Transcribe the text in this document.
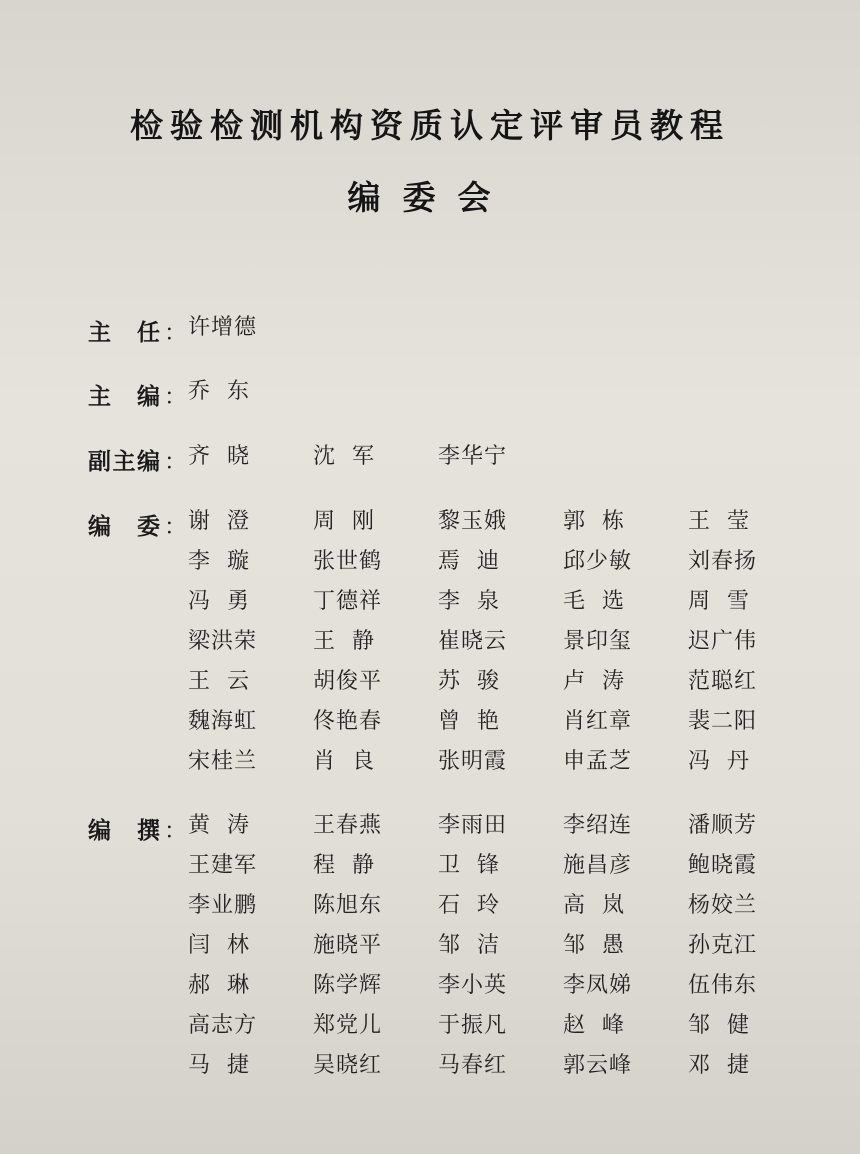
检验检测机构资质认定评审员教程
编委会
主任 ： 许增德
主编 ： 乔  东
副主编 ： 齐  晓	沈  军	李华宁
编委 ： 谢  澄	周  刚	黎玉娥	郭  栋	王  莹
李  璇	张世鹤	焉  迪	邱少敏	刘春扬
冯  勇	丁德祥	李  泉	毛  选	周  雪
梁洪荣	王  静	崔晓云	景印玺	迟广伟
王  云	胡俊平	苏  骏	卢  涛	范聪红
魏海虹	佟艳春	曾  艳	肖红章	裴二阳
宋桂兰	肖  良	张明霞	申孟芝	冯  丹
编撰 ： 黄  涛	王春燕	李雨田	李绍连	潘顺芳
王建军	程  静	卫  锋	施昌彦	鲍晓霞
李业鹏	陈旭东	石  玲	高  岚	杨姣兰
闫  林	施晓平	邹  洁	邹  愚	孙克江
郝  琳	陈学辉	李小英	李凤娣	伍伟东
高志方	郑党儿	于振凡	赵  峰	邹  健
马  捷	吴晓红	马春红	郭云峰	邓  捷
